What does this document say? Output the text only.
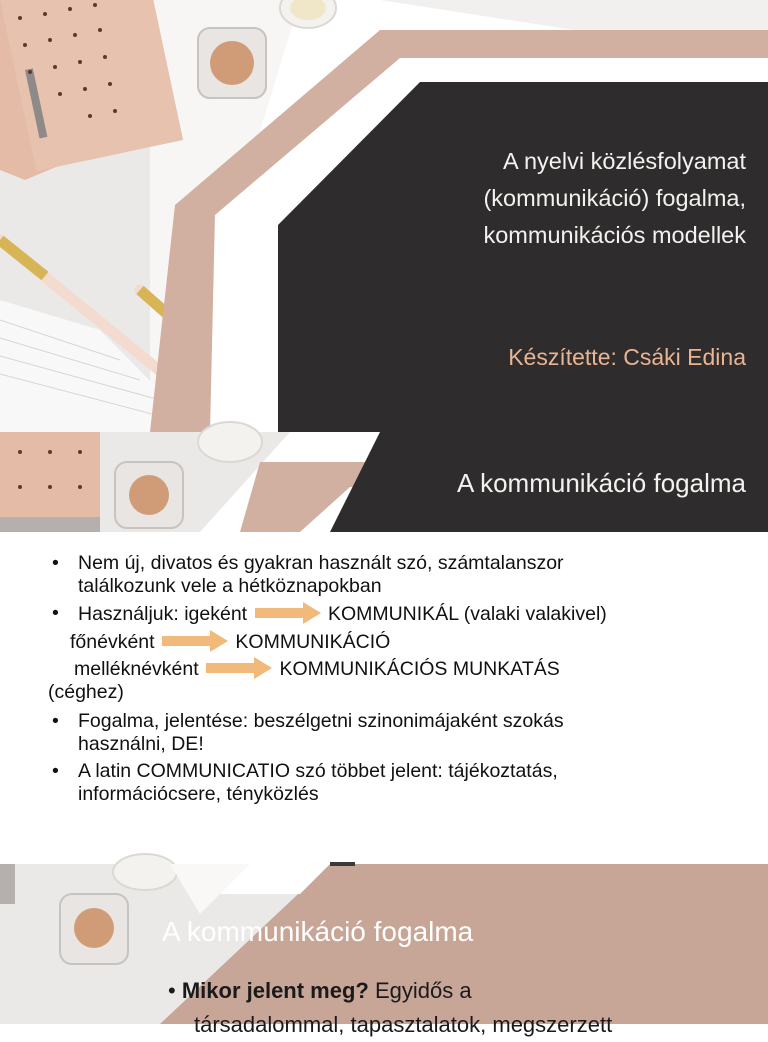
A nyelvi közlésfolyamat
(kommunikáció) fogalma,
kommunikációs modellek
Készítette: Csáki Edina
A kommunikáció fogalma
• Nem új, divatos és gyakran használt szó, számtalanszor
találkozunk vele a hétköznapokban
• Használjuk: igeként	KOMMUNIKÁL (valaki valakivel)
főnévként	KOMMUNIKÁCIÓ
melléknévként	KOMMUNIKÁCIÓS MUNKATÁS
(céghez)
• Fogalma, jelentése: beszélgetni szinonimájaként szokás
használni, DE!
• A latin COMMUNICATIO szó többet jelent: tájékoztatás,
információcsere, tényközlés
A kommunikáció fogalma
• Mikor jelent meg? Egyidős a
társadalommal, tapasztalatok, megszerzett
